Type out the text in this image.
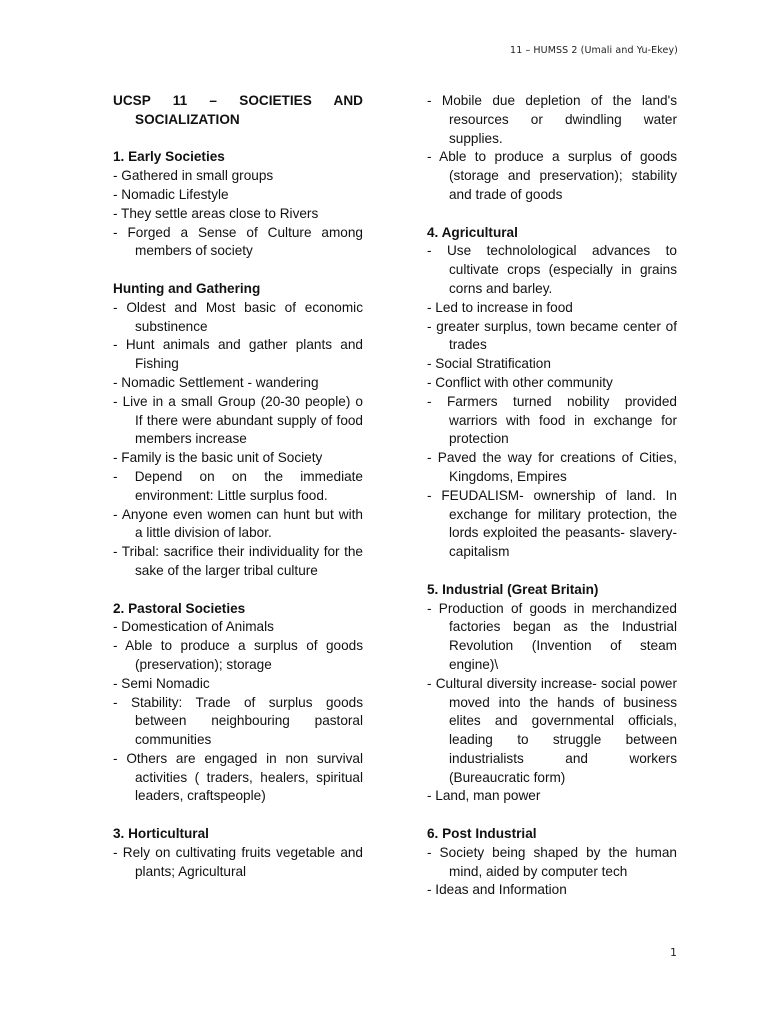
11 – HUMSS 2 (Umali and Yu-Ekey)

UCSP 11 – SOCIETIES AND

SOCIALIZATION

1. Early Societies
- Gathered in small groups
- Nomadic Lifestyle
- They settle areas close to Rivers
- Forged a Sense of Culture among members of society
Hunting and Gathering
- Oldest and Most basic of economic substinence
- Hunt animals and gather plants and Fishing
- Nomadic Settlement - wandering
- Live in a small Group (20-30 people) o If there were abundant supply of food members increase
- Family is the basic unit of Society
- Depend on on the immediate environment: Little surplus food.
- Anyone even women can hunt but with a little division of labor.
- Tribal: sacrifice their individuality for the sake of the larger tribal culture
2. Pastoral Societies
- Domestication of Animals
- Able to produce a surplus of goods (preservation); storage
- Semi Nomadic
- Stability: Trade of surplus goods between neighbouring pastoral communities
- Others are engaged in non survival activities ( traders, healers, spiritual leaders, craftspeople)
3. Horticultural
- Rely on cultivating fruits vegetable and plants; Agricultural
- Mobile due depletion of the land's resources or dwindling water supplies.
- Able to produce a surplus of goods (storage and preservation); stability and trade of goods
4. Agricultural
- Use technolological advances to cultivate crops (especially in grains corns and barley.
- Led to increase in food
- greater surplus, town became center of trades
- Social Stratification
- Conflict with other community
- Farmers turned nobility provided warriors with food in exchange for protection
- Paved the way for creations of Cities, Kingdoms, Empires
- FEUDALISM- ownership of land. In exchange for military protection, the lords exploited the peasants- slavery-capitalism
5. Industrial (Great Britain)
- Production of goods in merchandized factories began as the Industrial Revolution (Invention of steam engine)\
- Cultural diversity increase- social power moved into the hands of business elites and governmental officials, leading to struggle between industrialists and workers (Bureaucratic form)
- Land, man power
6. Post Industrial
- Society being shaped by the human mind, aided by computer tech
- Ideas and Information
1
